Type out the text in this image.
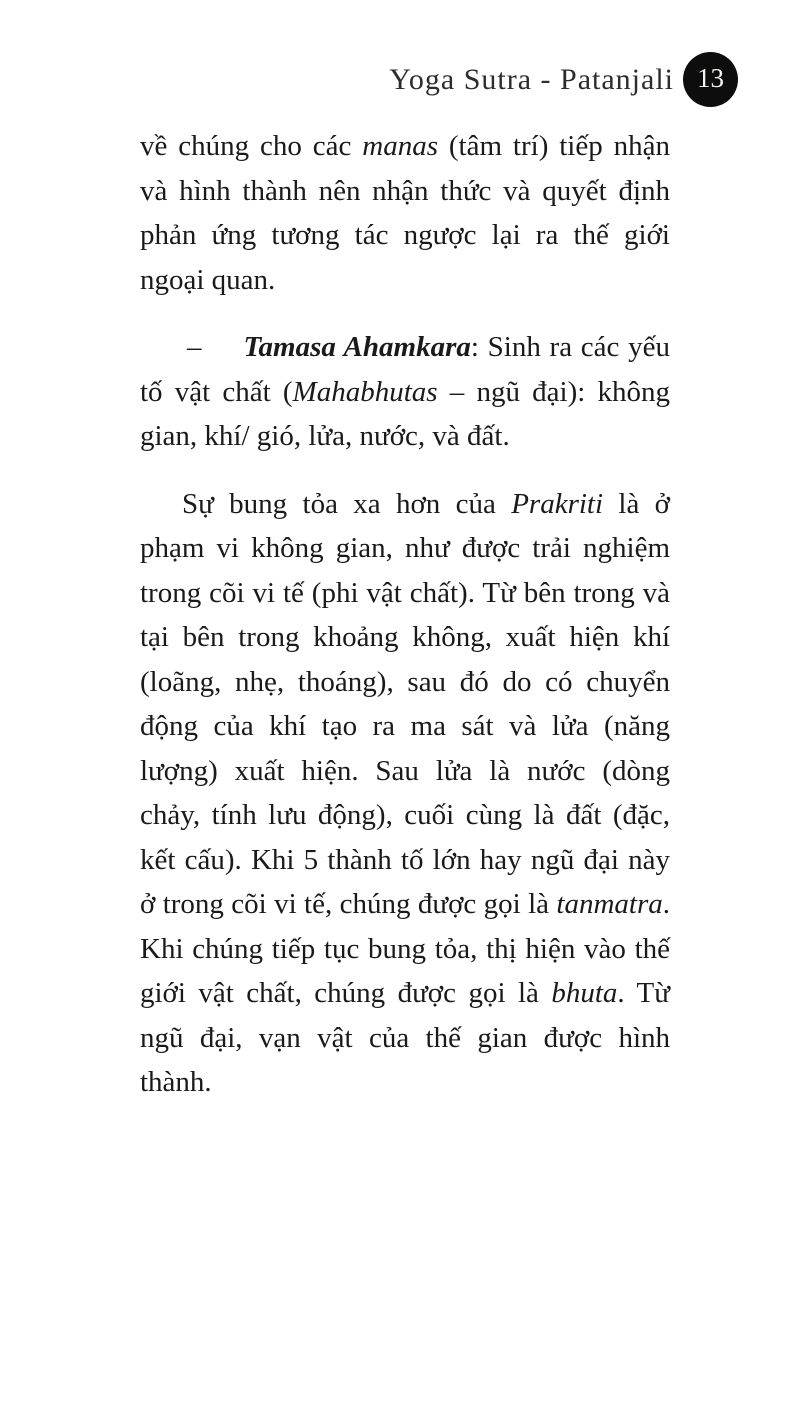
Yoga Sutra - Patanjali 13

về chúng cho các manas (tâm trí) tiếp nhận và hình thành nên nhận thức và quyết định phản ứng tương tác ngược lại ra thế giới ngoại quan.

– Tamasa Ahamkara: Sinh ra các yếu tố vật chất (Mahabhutas – ngũ đại): không gian, khí/ gió, lửa, nước, và đất.

Sự bung tỏa xa hơn của Prakriti là ở phạm vi không gian, như được trải nghiệm trong cõi vi tế (phi vật chất). Từ bên trong và tại bên trong khoảng không, xuất hiện khí (loãng, nhẹ, thoáng), sau đó do có chuyển động của khí tạo ra ma sát và lửa (năng lượng) xuất hiện. Sau lửa là nước (dòng chảy, tính lưu động), cuối cùng là đất (đặc, kết cấu). Khi 5 thành tố lớn hay ngũ đại này ở trong cõi vi tế, chúng được gọi là tanmatra. Khi chúng tiếp tục bung tỏa, thị hiện vào thế giới vật chất, chúng được gọi là bhuta. Từ ngũ đại, vạn vật của thế gian được hình thành.
